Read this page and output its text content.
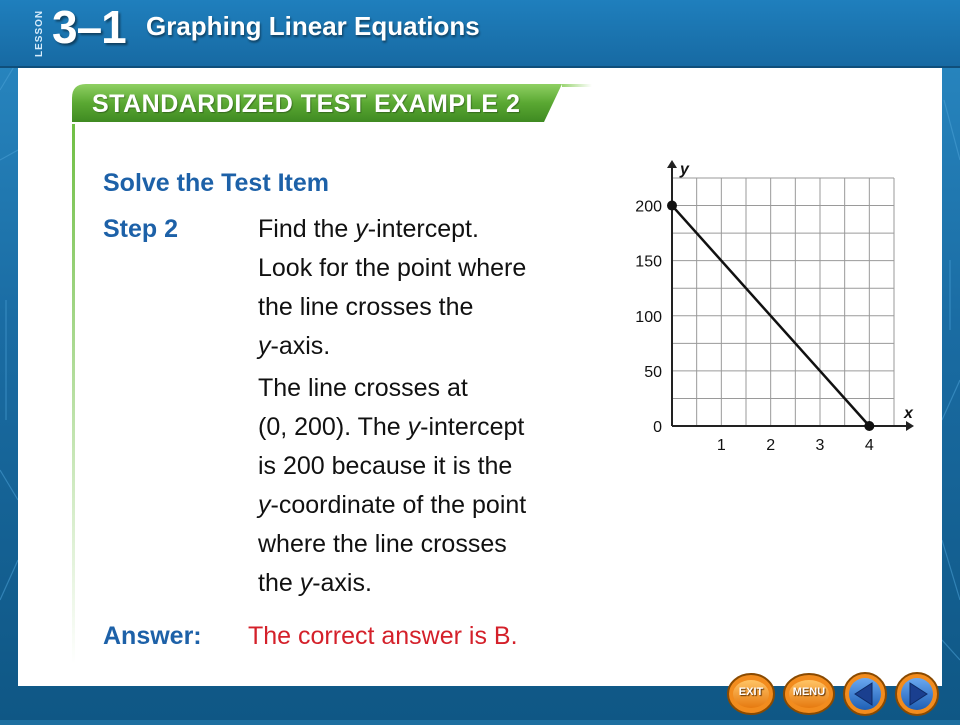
LESSON 3–1 Graphing Linear Equations
STANDARDIZED TEST EXAMPLE 2
Solve the Test Item
Step 2	Find the y-intercept.
Look for the point where
the line crosses the
y-axis.
The line crosses at
(0, 200). The y-intercept
is 200 because it is the
y-coordinate of the point
where the line crosses
the y-axis.
Answer: The correct answer is B.
x
y
1	2	3	4
0
50
100
150
200
EXIT	MENU
